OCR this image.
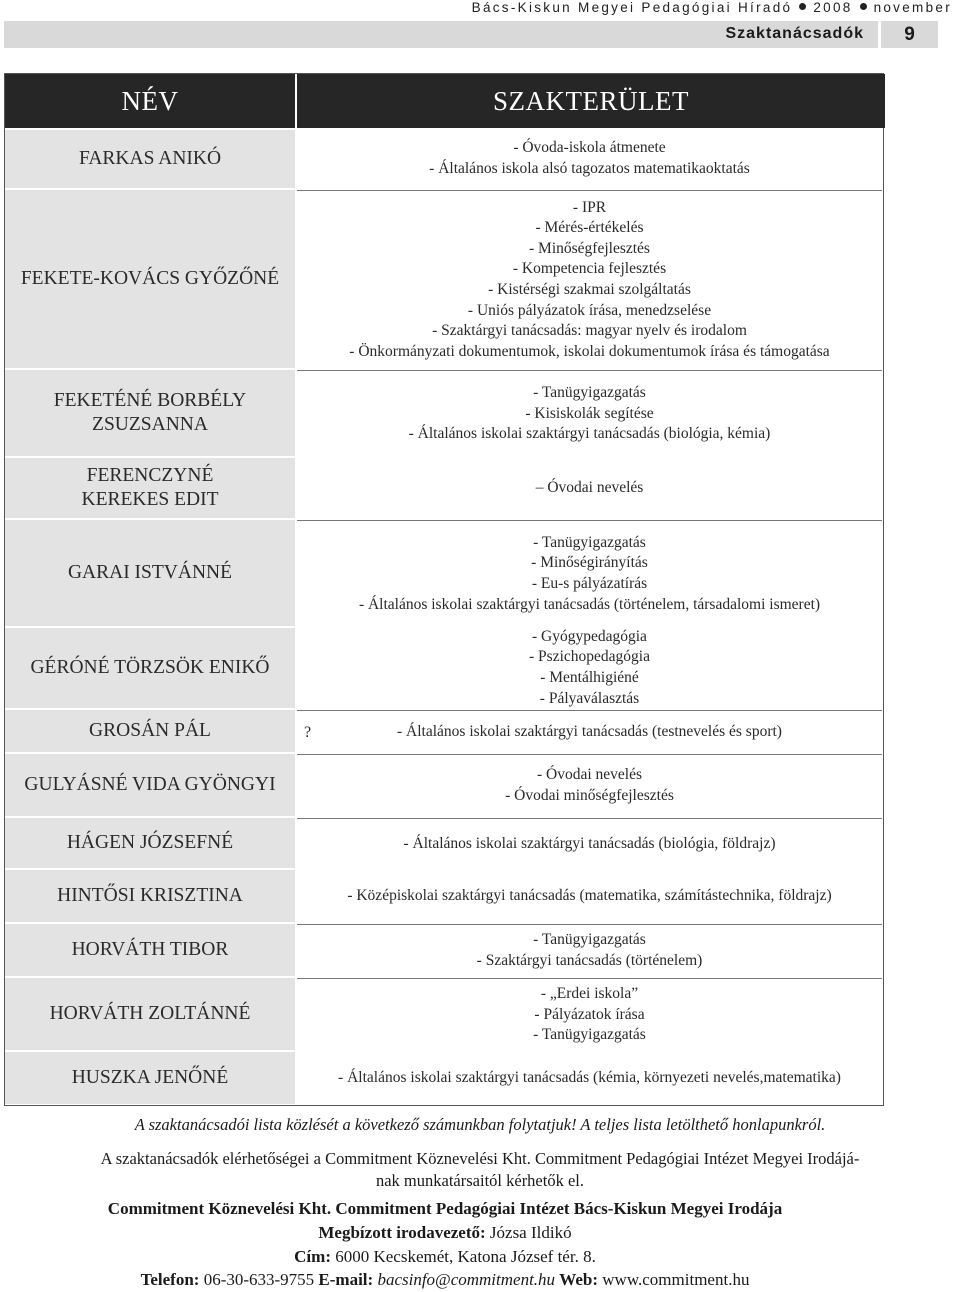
Bács-Kiskun Megyei Pedagógiai Híradó 2008 november
Szaktanácsadók	9
NÉV	SZAKTERÜLET
FARKAS ANIKÓ
- Óvoda-iskola átmenete
- Általános iskola alsó tagozatos matematikaoktatás
FEKETE-KOVÁCS GYŐZŐNÉ
- IPR
- Mérés-értékelés
- Minőségfejlesztés
- Kompetencia fejlesztés
- Kistérségi szakmai szolgáltatás
- Uniós pályázatok írása, menedzselése
- Szaktárgyi tanácsadás: magyar nyelv és irodalom
- Önkormányzati dokumentumok, iskolai dokumentumok írása és támogatása
FEKETÉNÉ BORBÉLY ZSUZSANNA
- Tanügyigazgatás
- Kisiskolák segítése
- Általános iskolai szaktárgyi tanácsadás (biológia, kémia)
FERENCZYNÉ KEREKES EDIT
– Óvodai nevelés
GARAI ISTVÁNNÉ
- Tanügyigazgatás
- Minőségirányítás
- Eu-s pályázatírás
- Általános iskolai szaktárgyi tanácsadás (történelem, társadalomi ismeret)
GÉRÓNÉ TÖRZSÖK ENIKŐ
- Gyógypedagógia
- Pszichopedagógia
- Mentálhigiéné
- Pályaválasztás
GROSÁN PÁL	- Általános iskolai szaktárgyi tanácsadás (testnevelés és sport)
?
GULYÁSNÉ VIDA GYÖNGYI	- Óvodai nevelés
- Óvodai minőségfejlesztés
HÁGEN JÓZSEFNÉ	- Általános iskolai szaktárgyi tanácsadás (biológia, földrajz)
HINTŐSI KRISZTINA	- Középiskolai szaktárgyi tanácsadás (matematika, számítástechnika, földrajz)
HORVÁTH TIBOR	- Tanügyigazgatás
- Szaktárgyi tanácsadás (történelem)
HORVÁTH ZOLTÁNNÉ
- „Erdei iskola”
- Pályázatok írása
- Tanügyigazgatás
HUSZKA JENŐNÉ	- Általános iskolai szaktárgyi tanácsadás (kémia, környezeti nevelés,matematika)
A szaktanácsadói lista közlését a következő számunkban folytatjuk! A teljes lista letölthető honlapunkról.
A szaktanácsadók elérhetőségei a Commitment Köznevelési Kht. Commitment Pedagógiai Intézet Megyei Irodájá-
nak munkatársaitól kérhetők el.
Commitment Köznevelési Kht. Commitment Pedagógiai Intézet Bács-Kiskun Megyei Irodája
Megbízott irodavezető: Józsa Ildikó
Cím: 6000 Kecskemét, Katona József tér. 8.
Telefon: 06-30-633-9755 E-mail: bacsinfo@commitment.hu Web: www.commitment.hu
